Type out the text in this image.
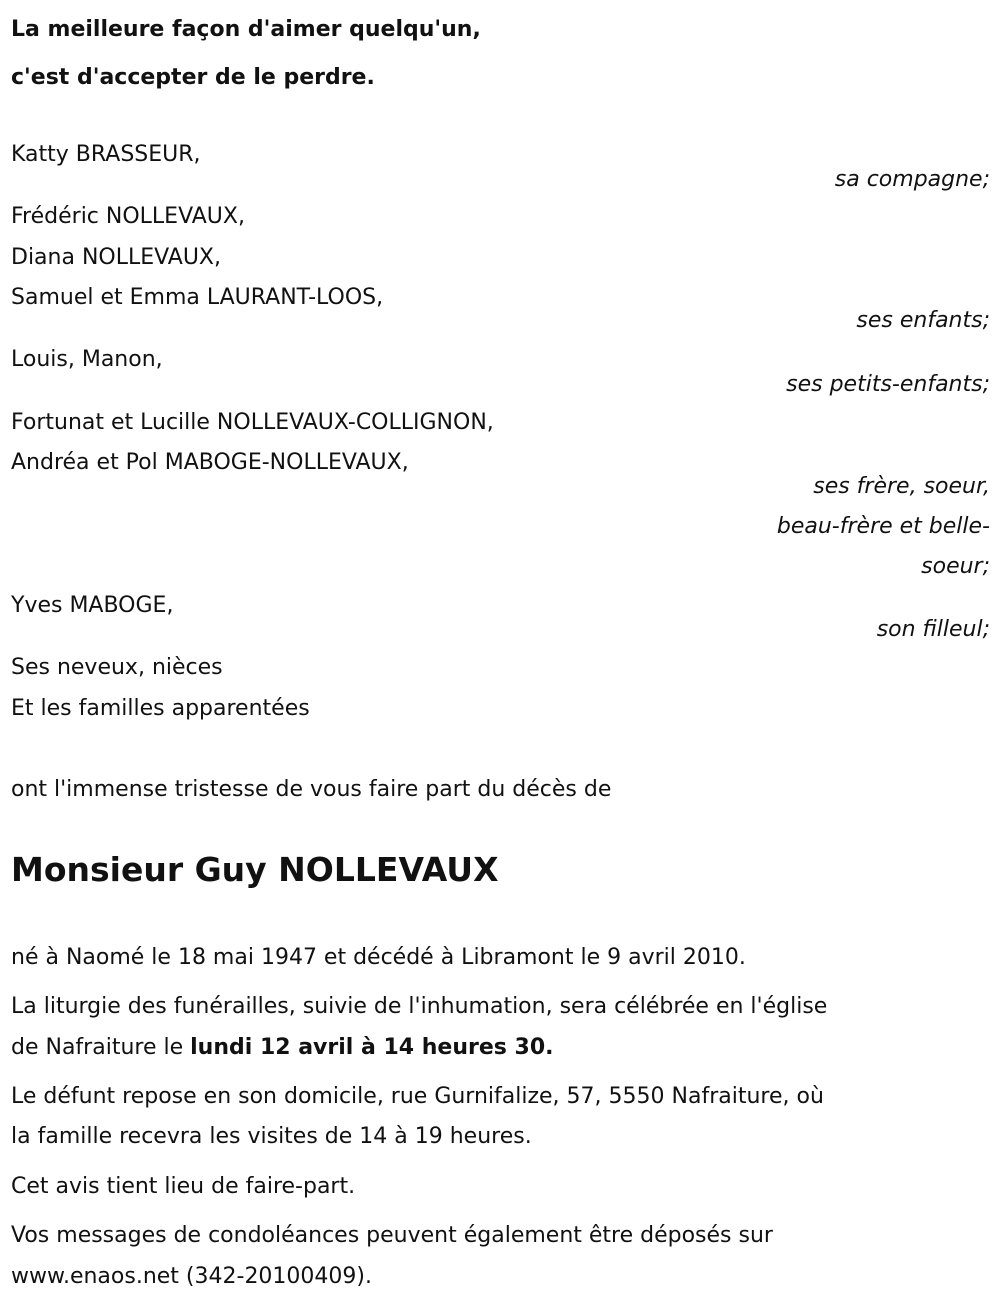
La meilleure façon d'aimer quelqu'un,
c'est d'accepter de le perdre.
Katty BRASSEUR,
sa compagne;
Frédéric NOLLEVAUX,
Diana NOLLEVAUX,
Samuel et Emma LAURANT-LOOS,
ses enfants;
Louis, Manon,
ses petits-enfants;
Fortunat et Lucille NOLLEVAUX-COLLIGNON,
Andréa et Pol MABOGE-NOLLEVAUX,
ses frère, soeur,
beau-frère et belle-
soeur;
Yves MABOGE,
son filleul;
Ses neveux, nièces
Et les familles apparentées
ont l'immense tristesse de vous faire part du décès de
Monsieur Guy NOLLEVAUX
né à Naomé le 18 mai 1947 et décédé à Libramont le 9 avril 2010.
La liturgie des funérailles, suivie de l'inhumation, sera célébrée en l'église
de Nafraiture le lundi 12 avril à 14 heures 30.
Le défunt repose en son domicile, rue Gurnifalize, 57, 5550 Nafraiture, où
la famille recevra les visites de 14 à 19 heures.
Cet avis tient lieu de faire-part.
Vos messages de condoléances peuvent également être déposés sur
www.enaos.net (342-20100409).
